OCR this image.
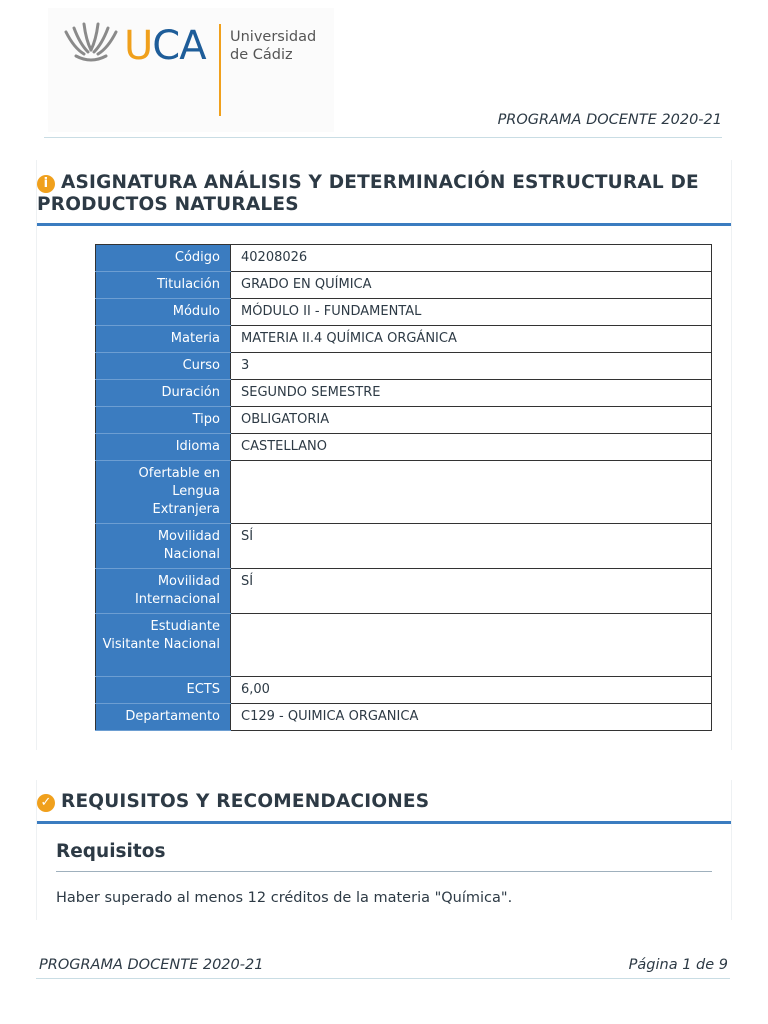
UCA Universidad
de Cádiz
PROGRAMA DOCENTE 2020-21
i ASIGNATURA ANÁLISIS Y DETERMINACIÓN ESTRUCTURAL DE PRODUCTOS NATURALES
Código	40208026
Titulación	GRADO EN QUÍMICA
Módulo	MÓDULO II - FUNDAMENTAL
Materia	MATERIA II.4 QUÍMICA ORGÁNICA
Curso	3
Duración	SEGUNDO SEMESTRE
Tipo	OBLIGATORIA
Idioma	CASTELLANO
Ofertable en Lengua Extranjera	
Movilidad Nacional	SÍ
Movilidad Internacional	SÍ
Estudiante Visitante Nacional	
ECTS	6,00
Departamento	C129 - QUIMICA ORGANICA
✓ REQUISITOS Y RECOMENDACIONES
Requisitos
Haber superado al menos 12 créditos de la materia "Química".
PROGRAMA DOCENTE 2020-21	Página 1 de 9
